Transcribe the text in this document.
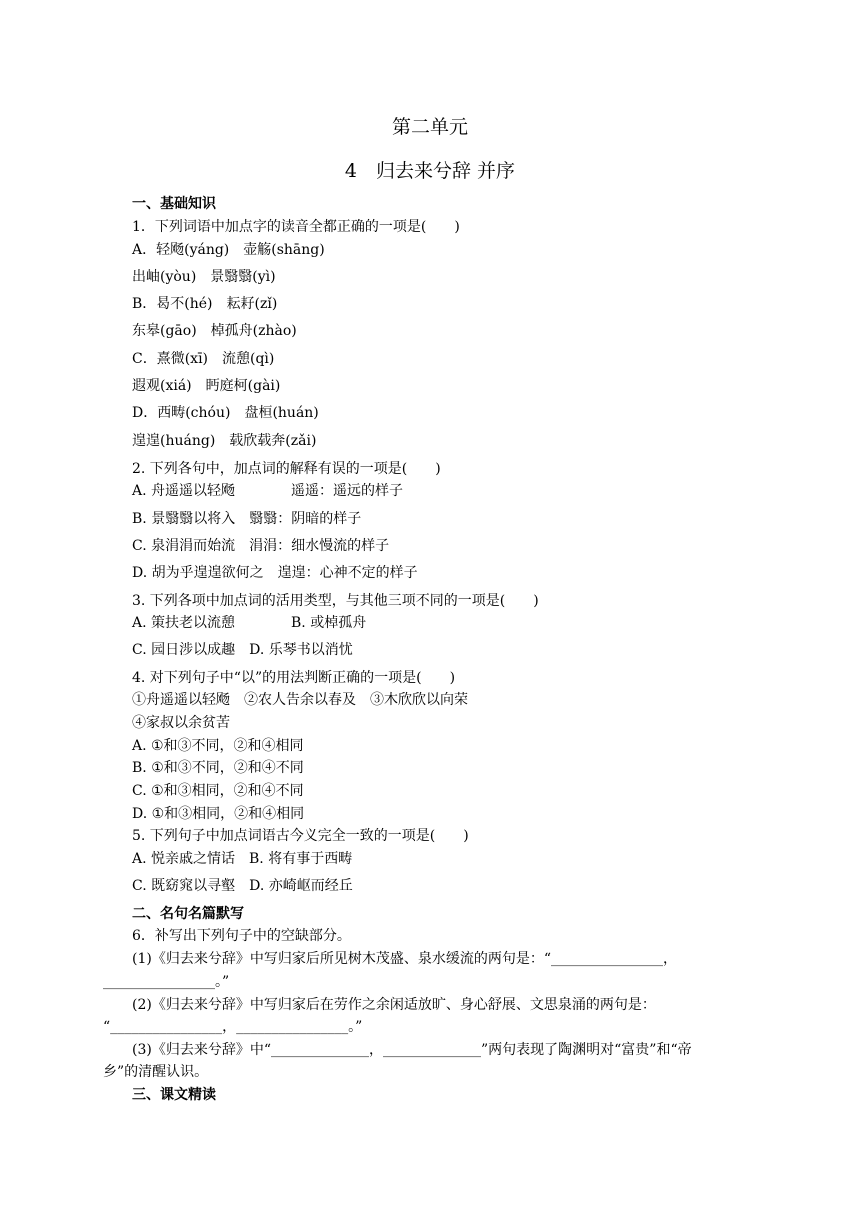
第二单元
4　归去来兮辞 并序
一、基础知识
1．下列词语中加点字的读音全都正确的一项是(　　)
A．轻飏(yáng)　壶觞(shāng)
出岫(yòu)　景翳翳(yì)
B．曷不(hé)　耘耔(zǐ)
东皋(gāo)　棹孤舟(zhào)
C．熹微(xī)　流憩(qì)
遐观(xiá)　眄庭柯(gài)
D．西畴(chóu)　盘桓(huán)
遑遑(huáng)　载欣载奔(zǎi)
2. 下列各句中，加点词的解释有误的一项是(　　)
A. 舟遥遥以轻飏　　　　遥遥：遥远的样子
B. 景翳翳以将入　翳翳：阴暗的样子
C. 泉涓涓而始流　涓涓：细水慢流的样子
D. 胡为乎遑遑欲何之　遑遑：心神不定的样子
3. 下列各项中加点词的活用类型，与其他三项不同的一项是(　　)
A. 策扶老以流憩　　　　B. 或棹孤舟
C. 园日涉以成趣　D. 乐琴书以消忧
4. 对下列句子中“以”的用法判断正确的一项是(　　)
①舟遥遥以轻飏　②农人告余以春及　③木欣欣以向荣
④家叔以余贫苦
A. ①和③不同，②和④相同
B. ①和③不同，②和④不同
C. ①和③相同，②和④不同
D. ①和③相同，②和④相同
5. 下列句子中加点词语古今义完全一致的一项是(　　)
A. 悦亲戚之情话　B. 将有事于西畴
C. 既窈窕以寻壑　D. 亦崎岖而经丘
二、名句名篇默写
6．补写出下列句子中的空缺部分。
(1)《归去来兮辞》中写归家后所见树木茂盛、泉水缓流的两句是：“________________，
________________。”
(2)《归去来兮辞》中写归家后在劳作之余闲适放旷、身心舒展、文思泉涌的两句是：
“________________，________________。”
(3)《归去来兮辞》中“______________，______________”两句表现了陶渊明对“富贵”和“帝
乡”的清醒认识。
三、课文精读
